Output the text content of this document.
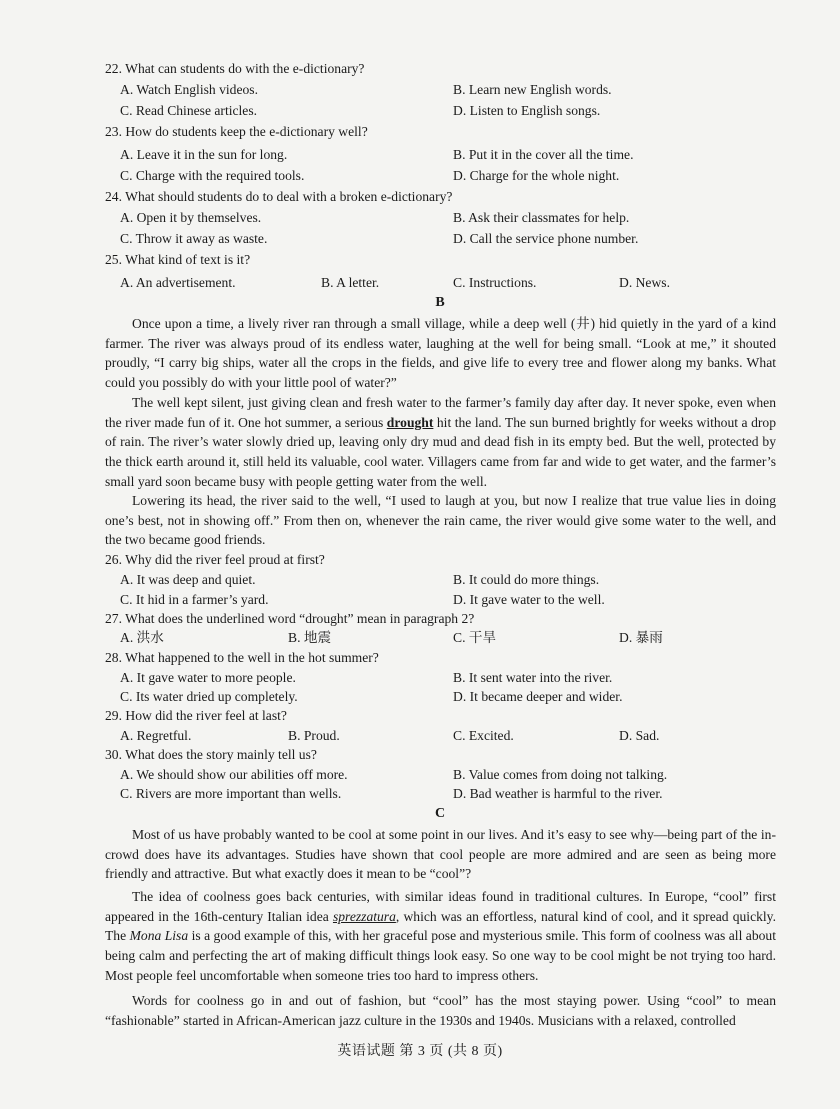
22. What can students do with the e-dictionary?
A. Watch English videos.	B. Learn new English words.
C. Read Chinese articles.	D. Listen to English songs.
23. How do students keep the e-dictionary well?
A. Leave it in the sun for long.	B. Put it in the cover all the time.
C. Charge with the required tools.	D. Charge for the whole night.
24. What should students do to deal with a broken e-dictionary?
A. Open it by themselves.	B. Ask their classmates for help.
C. Throw it away as waste.	D. Call the service phone number.
25. What kind of text is it?
A. An advertisement.	B. A letter.	C. Instructions.	D. News.
B

Once upon a time, a lively river ran through a small village, while a deep well (井) hid quietly in the yard of a kind farmer. The river was always proud of its endless water, laughing at the well for being small. “Look at me,” it shouted proudly, “I carry big ships, water all the crops in the fields, and give life to every tree and flower along my banks. What could you possibly do with your little pool of water?”

The well kept silent, just giving clean and fresh water to the farmer’s family day after day. It never spoke, even when the river made fun of it. One hot summer, a serious drought hit the land. The sun burned brightly for weeks without a drop of rain. The river’s water slowly dried up, leaving only dry mud and dead fish in its empty bed. But the well, protected by the thick earth around it, still held its valuable, cool water. Villagers came from far and wide to get water, and the farmer’s small yard soon became busy with people getting water from the well.

Lowering its head, the river said to the well, “I used to laugh at you, but now I realize that true value lies in doing one’s best, not in showing off.” From then on, whenever the rain came, the river would give some water to the well, and the two became good friends.

26. Why did the river feel proud at first?
A. It was deep and quiet.	B. It could do more things.
C. It hid in a farmer’s yard.	D. It gave water to the well.
27. What does the underlined word “drought” mean in paragraph 2?
A. 洪水	B. 地震	C. 干旱	D. 暴雨
28. What happened to the well in the hot summer?
A. It gave water to more people.	B. It sent water into the river.
C. Its water dried up completely.	D. It became deeper and wider.
29. How did the river feel at last?
A. Regretful.	B. Proud.	C. Excited.	D. Sad.
30. What does the story mainly tell us?
A. We should show our abilities off more.	B. Value comes from doing not talking.
C. Rivers are more important than wells.	D. Bad weather is harmful to the river.
C

Most of us have probably wanted to be cool at some point in our lives. And it’s easy to see why—being part of the in-crowd does have its advantages. Studies have shown that cool people are more admired and are seen as being more friendly and attractive. But what exactly does it mean to be “cool”?

The idea of coolness goes back centuries, with similar ideas found in traditional cultures. In Europe, “cool” first appeared in the 16th-century Italian idea sprezzatura, which was an effortless, natural kind of cool, and it spread quickly. The Mona Lisa is a good example of this, with her graceful pose and mysterious smile. This form of coolness was all about being calm and perfecting the art of making difficult things look easy. So one way to be cool might be not trying too hard. Most people feel uncomfortable when someone tries too hard to impress others.

Words for coolness go in and out of fashion, but “cool” has the most staying power. Using “cool” to mean “fashionable” started in African-American jazz culture in the 1930s and 1940s. Musicians with a relaxed, controlled

英语试题 第 3 页 (共 8 页)
